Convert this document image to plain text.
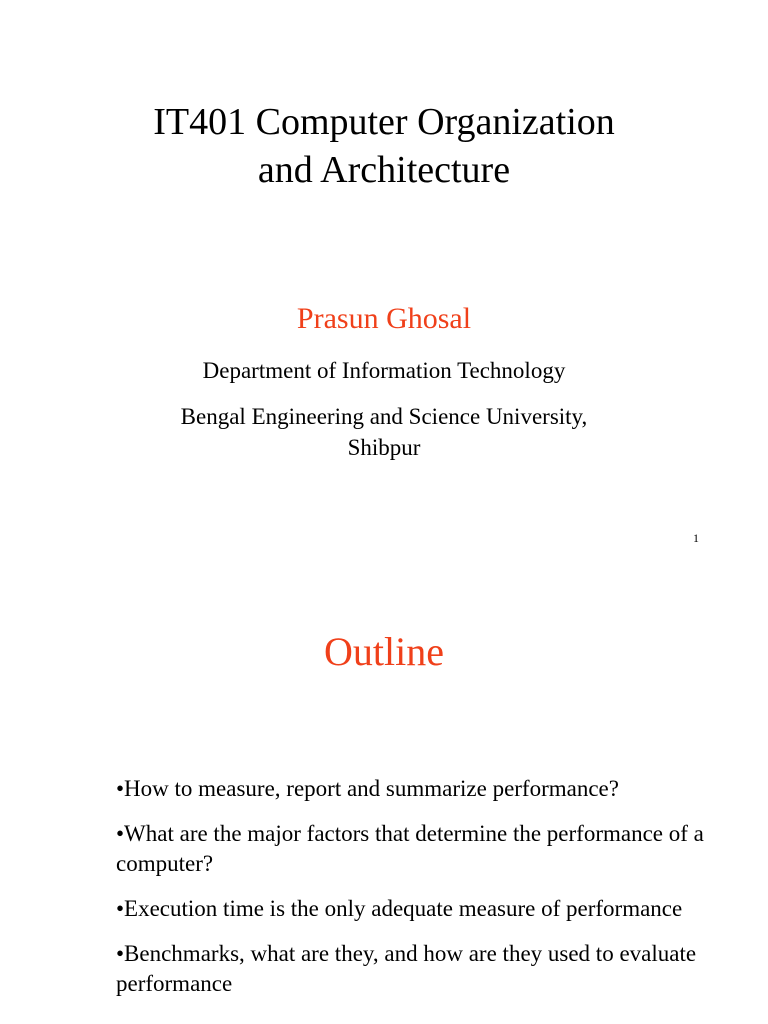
IT401 Computer Organization
and Architecture
Prasun Ghosal
Department of Information Technology
Bengal Engineering and Science University,
Shibpur
1
Outline
•How to measure, report and summarize performance?
•What are the major factors that determine the performance of a computer?
•Execution time is the only adequate measure of performance
•Benchmarks, what are they, and how are they used to evaluate performance
